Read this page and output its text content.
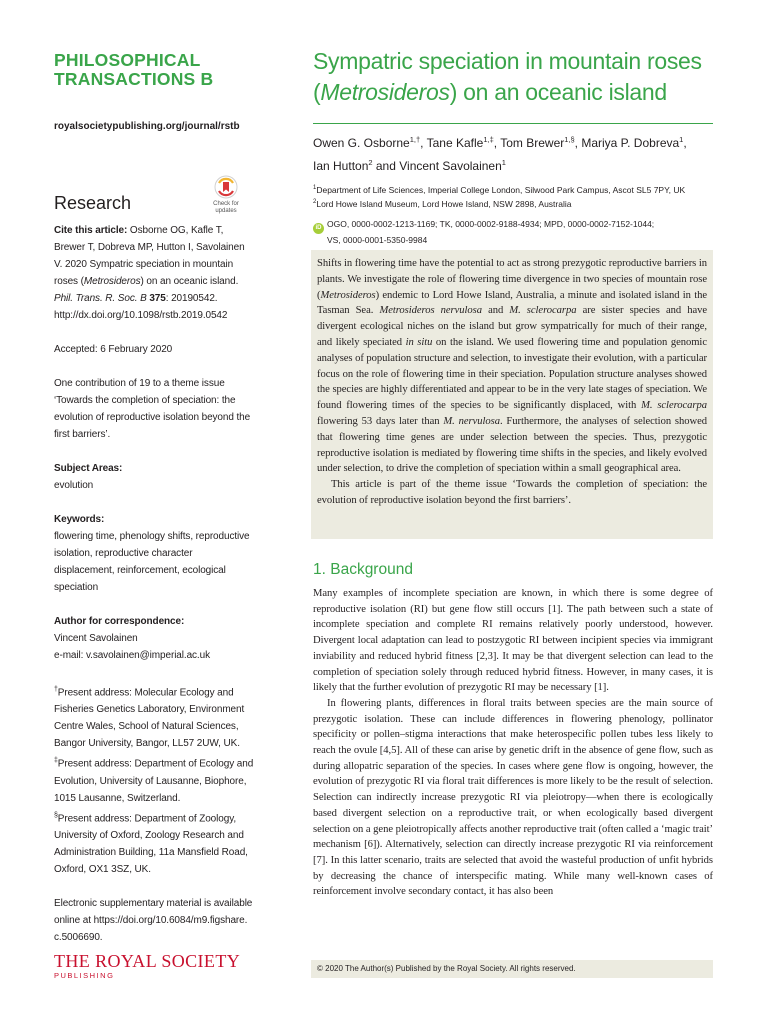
PHILOSOPHICAL
TRANSACTIONS B
royalsocietypublishing.org/journal/rstb
Research	Check for
updates

Cite this article: Osborne OG, Kafle T, Brewer T, Dobreva MP, Hutton I, Savolainen V. 2020 Sympatric speciation in mountain roses (Metrosideros) on an oceanic island. Phil. Trans. R. Soc. B 375: 20190542.
http://dx.doi.org/10.1098/rstb.2019.0542

Accepted: 6 February 2020

One contribution of 19 to a theme issue ‘Towards the completion of speciation: the evolution of reproductive isolation beyond the first barriers’.

Subject Areas:

evolution

Keywords:

flowering time, phenology shifts, reproductive isolation, reproductive character displacement, reinforcement, ecological speciation

Author for correspondence:

Vincent Savolainen

e-mail: v.savolainen@imperial.ac.uk

†Present address: Molecular Ecology and Fisheries Genetics Laboratory, Environment Centre Wales, School of Natural Sciences, Bangor University, Bangor, LL57 2UW, UK.

‡Present address: Department of Ecology and Evolution, University of Lausanne, Biophore, 1015 Lausanne, Switzerland.

§Present address: Department of Zoology, University of Oxford, Zoology Research and Administration Building, 11a Mansfield Road, Oxford, OX1 3SZ, UK.

Electronic supplementary material is available
online at https://doi.org/10.6084/m9.figshare.
c.5006690.

THE ROYAL SOCIETY
PUBLISHING
Sympatric speciation in mountain roses
(Metrosideros) on an oceanic island
Owen G. Osborne$^{1,\dagger}$, Tane Kafle$^{1,\ddagger}$, Tom Brewer$^{1,\S}$, Mariya P. Dobreva$^1$,
Ian Hutton$^2$ and Vincent Savolainen$^1$
$^1$Department of Life Sciences, Imperial College London, Silwood Park Campus, Ascot SL5 7PY, UK
$^2$Lord Howe Island Museum, Lord Howe Island, NSW 2898, Australia
iD OGO, 0000-0002-1213-1169; TK, 0000-0002-9188-4934; MPD, 0000-0002-7152-1044;
VS, 0000-0001-5350-9984

Shifts in flowering time have the potential to act as strong prezygotic reproductive barriers in plants. We investigate the role of flowering time divergence in two species of mountain rose (Metrosideros) endemic to Lord Howe Island, Australia, a minute and isolated island in the Tasman Sea. Metrosideros nervulosa and M. sclerocarpa are sister species and have divergent ecological niches on the island but grow sympatrically for much of their range, and likely speciated in situ on the island. We used flowering time and population genomic analyses of population structure and selection, to investigate their evolution, with a particular focus on the role of flowering time in their speciation. Population structure analyses showed the species are highly differentiated and appear to be in the very late stages of speciation. We found flowering times of the species to be significantly displaced, with M. sclerocarpa flowering 53 days later than M. nervulosa. Furthermore, the analyses of selection showed that flowering time genes are under selection between the species. Thus, prezygotic reproductive isolation is mediated by flowering time shifts in the species, and likely evolved under selection, to drive the completion of speciation within a small geographical area.

This article is part of the theme issue ‘Towards the completion of speciation: the evolution of reproductive isolation beyond the first barriers’.

1. Background

Many examples of incomplete speciation are known, in which there is some degree of reproductive isolation (RI) but gene flow still occurs [1]. The path between such a state of incomplete speciation and complete RI remains relatively poorly understood, however. Divergent local adaptation can lead to postzygotic RI between incipient species via immigrant inviability and reduced hybrid fitness [2,3]. It may be that divergent selection can lead to the completion of speciation solely through reduced hybrid fitness. However, in many cases, it is likely that the further evolution of prezygotic RI may be necessary [1].

In flowering plants, differences in floral traits between species are the main source of prezygotic isolation. These can include differences in flowering phenology, pollinator specificity or pollen–stigma interactions that make heterospecific pollen tubes less likely to reach the ovule [4,5]. All of these can arise by genetic drift in the absence of gene flow, such as during allopatric separation of the species. In cases where gene flow is ongoing, however, the evolution of prezygotic RI via floral trait differences is more likely to be the result of selection. Selection can indirectly increase prezygotic RI via pleiotropy—when there is ecologically based divergent selection on a reproductive trait, or when ecologically based divergent selection on a gene pleiotropically affects another reproductive trait (often called a ‘magic trait’ mechanism [6]). Alternatively, selection can directly increase prezygotic RI via reinforcement [7]. In this latter scenario, traits are selected that avoid the wasteful production of unfit hybrids by decreasing the chance of interspecific mating. While many well-known cases of reinforcement involve secondary contact, it has also been

© 2020 The Author(s) Published by the Royal Society. All rights reserved.
